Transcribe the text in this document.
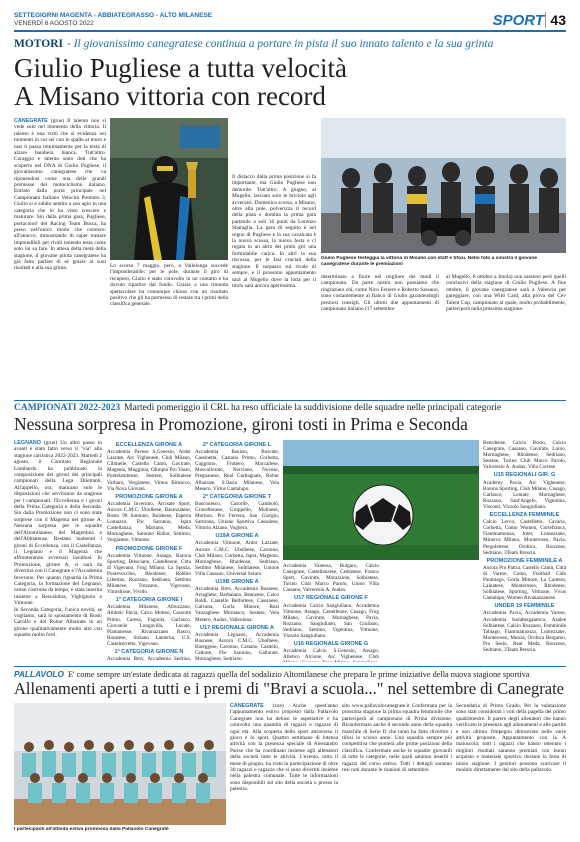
SETTEGIORNI MAGENTA - ABBIATEGRASSO - ALTO MILANESE
VENERDÌ 6 AGOSTO 2022	SPORT 43
MOTORI - Il giovanissimo canegratese continua a portare in pista il suo innato talento e la sua grinta
Giulio Pugliese a tutta velocità
A Misano vittoria con record
CANEGRATE (grue) Il talento non si vede solo nel momento della vittoria. Il talento è una virtù che si evidenza nei momenti in cui sei con le spalle al muro e non ti passa minimamente per la testa di alzare bandiera bianca. Tutt'altro. Coraggio e talento sono doti che ha scoperto nel DNA di Giulio Pugliese, il giovanissimo canegratese che va riponendosi come una delle grandi promesse del motociclismo italiano. Entrato dalla porta principale nel Campionato Italiano Velocità Premoto 3, Giulio si è subito sentito a suo agio in una categoria che lo ha visto crescere e maturare. Sin dalla prima gara, Pugliese, portacolori del Racing Team Busca, ha preso nell'unico modo che conosce: all'attacco, dimostrando di saper trattare imprendibili per rivali tenendo testa come solo lui sa fare. In attesa della metà della stagione, il giovane pilota canegratese ha già fatto parlare di sé grazie ai suoi risultati e alla sua grinta.	Lo scorso 7 maggio, però, a Vallelunga succede l'imponderabile: per le pole, durante il giro di recupero, Giulio è stato coinvolto in un contatto e ha dovuto ripartire dal fondo. Grazie a una rimonta spettacolare ha comunque chiuso con un risultato positivo che gli ha permesso di restare tra i primi della classifica generale.
Il distacco dalla prima posizione si fa importante, ma Giulio Pugliese non demorde. Tutt'altro. A giugno, al Mugello, lasciato solo le briciole agli avversari. Domenica scorsa, a Misano, oltre alla pole, polverizza il record della pista e domina la prima gara partendo a soli 16 punti da Lorenzo Sbaraglia. La gara di seguito è nel segno di Pugliese e la sua cavalcata è la nuova scossa, la nuova festa e ci regala in un altro dei primi giri una formidabile carica. In altri la sua riscossa, per le fasi cruciali della stagione. Il sorpasso sul rivale di sempre, e il prossimo appuntamento sarà al Mugello dove la lotta per il titolo sarà ancora apertissima.
Giulio Pugliese festeggia la vittoria di Misano con staff e tifosi. Nello foto a sinistra il giovane canegratese durante le premiazioni
determinato a finire nel migliore dei modi il campionato. Da parte nostra non possiamo che ringraziare chi, come Nico Ferrere e Roberto Sassano, sono costantemente al fianco di Giulio garantendogli preziosi consigli. Gli ultimi due appuntamenti di campionato italiano (17 settembre
al Mugello, 8 ottobre a Imola) non saranno però quelli conclusivi della stagione di Giulio Pugliese. A fine ottobre, il giovane canegratese sarà a Valencia per gareggiare, con una Wild Card, alla prova del Cev Talent Cup, campionato al quale, molto probabilmente, parteciperà nella prossima stagione.
CAMPIONATI 2022-2023 Martedì pomeriggio il CRL ha reso ufficiale la suddivisione delle squadre nelle principali categorie
Nessuna sorpresa in Promozione, gironi tosti in Prima e Seconda
LEGNANO (grue) Un altro passo in avanti è stato fatto verso il "via" alla stagione calcistica 2022-2023. Martedì 2 agosto, il Comitato Regionale Lombardo ha pubblicato la composizione dei gironi dei principali campionati della Lega Dilettanti. All'appello, ora, mancano solo le disposizioni che serviranno da stagione per i campionati: l'Eccellenza e i gironi della Prima Categoria e della Seconda. Sin dalla Promozione non ci sono state sorprese con il Magenta nel girone A. Nessuna sorpresa per le squadre dell'Altomilanese, del Magentino e dell'Abbiatense. Restano inalterati i gironi di Eccellenza, con il Castellanza, il Legnano e il Magenta che affronteranno avversari insidiosi. In Promozione, girone A, ci sarà da divertirsi con il Canegrate e l'Accademia Inveruno. Per quanto riguarda la Prima Categoria, la formazione del Legnano, ormai costruita da tempo, è stata inserita insieme a Rescaldina, Vighignolo e Vittuone.
In Seconda Categoria, l'unica novità, se vogliamo, sarà lo spostamento di Busto Garolfo e del Robur Albairate in un girone qualitativamente molto alto con squadre molto forti.
ECCELLENZA GIRONE A

Accademia Pavese S.Genesio, Ardor Lazzate, Arc Vighenese, Club Milano, Cilimelle, Castello Cantù, Gavirate, Magenta, Mugginia, Olimpia Pro Vasto, Pontelambrese, Sestese, Solbiatese Varbaro, Vergiatese, Vimus Bimacco, Via Nova Giovani.

PROMOZIONE GIRONE A

Accademia Inveruno, Arcisate Sport, Aurora C.M.C. Ubolbese, Baranzatese, Bosto 98 Saronno, Boisbese, Esperia Lomazzo, Fbc Saronno, Ispra Castellanza, Mariano, Meda, Mornaghese, Saronno Robur, Settimo, Vergiatese, Vittuone.

PROMOZIONE GIRONE F

Accademia Vittuone, Assago, Barona Sporting, Bresciano, Castelleone, Citta di Vigevano, Frog Milano, La Spezia, Pontevecchio, Rhodense, Robbio Libertas, Rozzano, Sedriano, Settimo Milanese, Trezzano, Vigevano, Vimodrone, Vivido.

1ª CATEGORIA GIRONE I

Accademia Milanese, Albuzzano, Athletic Pavia, Calco Motteo, Casorate Primo, Caresa, Fagnola, Garlasco, Giovanile Lungavilla, Locate, Pianianesse, Rivanazzano Basco, Rosatese, Siziano Lanterna, U.S. Castelnovetto, Vigevano.

1ª CATEGORIA GIRONE N

Accademia Bmv, Accademia Sedrina,

2ª CATEGORIA GIRONE L

Accademia Bosisio, Buscate, Cassinetta, Castano Primo, Corbetta, Cuggiono, Fruttero, Marcallese, Moscollorato, Nerviano, Novese, Pregnanese, Real Garbagnate, Robur Albairate, S.Ilario Milanese, Vela Mesero, Virtus Cantalupo.

2ª CATEGORIA GIRONE T

Busconesco, Casorile, Gambolò, Gravellonese, Groppello, Molinese, Mortara, Pro Ferrera, San Giorgio, Sartirana, Unione Sportiva Cassolese, Vittorio Alzano, Voghera.

U19A GIRONE A

Accademia Vittuone, Ardor Lazzate, Aurora C.M.C. Ubolbese, Caronno, Club Milano, Corbetta, Ispra, Magenta, Mornaghese, Rhodense, Sedriano, Settimo Milanese, Solbiatese, Unione Villa Cassano, Universal Solaro.

U19B GIRONE A

Accademia Bmv, Accademia Busnese, Arsaghese, Barbaiana, Beanzese, Calco Boldi, Cantello Belfortese, Cassinese, Galvana, Gorla Minore, Real Vanzaghese Mornasco, Sestese, Vela Mesero, Audax, Valleolona.

U17 REGIONALE GIRONE A

Accademia Legnano, Accademia Busnese, Aurora C.M.C. Ubolbese, Bareggese, Caronno, Castano, Castello, Cedrate, Fbc Saronno, Gallarate, Mornaghese, Sedriano.

Accademia Vanessa, Bulgaro, Calcio Canegrate, Castellanzese, Cedratese, Franco Spert, Gavirate, Morazzone, Solbiatese, Torino Club Marco Parolo, Union Villa Cassano, Valceresio A. Audax.

U17 REGIONALE GIRONE F

Accademia Calcio Sangiuliano, Accademia Vittuone, Assago, Castelleone, Cusago, Frog Milano, Gavirate, Mornaghese, Pavia, Rozzano, Sangiuliano, San Giuliano, Sedriano, Settimo, Vigentina, Vittuone, Vizzolo Sangiuliano.

U16 REGIONALE GIRONE G

Accademia Calcio S.Genesio, Assago, Atletico Alcione, Arc Vighenese, Club

Beurdense, Calcio Bosto, Calcio Canegrate, Cassano, Gavirate, Luino, Mornaghese, Rhodense, Sedriano, Sestese, Torino Club Marco Parolo, Valceresio A. Audax, Villa Cortese.

U15 REGIONALI GIR. G

Academy Pavia, Arc Vighenese, Barona Sporting, Club Milano, Cusago, Garlasco, Lentate Mornaghese, Rozzano, Sant'Angelo, Vigentina, Visconti, Vizzolo Sangiuliano.

ECCELLENZA FEMMINILE

Calcio Lecco, Castelletto, Cavaria, Corbetta, Como Women, Cortefranca, Fiammamonza, Inter, Lumezzane, Minerva Milano, Monterosso, Pavia, Pergolettese, Orobica, Riozzese, Sedriano, 3Team Brescia.

PROMOZIONE FEMMINILE A

Aurora Pro Patria, Castello Cantù, Città di Varese, Como, Football Club Parabiago, Gorla Minore, La Cantera, Lainatese, Monterosso, Rhodense, Solbiatese, Sporting, Vittuone, Vivus Cantalupo, Women Rivanazzanese.

UNDER 19 FEMMINILE

Accademia Pavia, Accademia Varese, Accademia Isolaberganesca, Azalee Solbiatese, Calcio Rozzano, Femminile Tabiago, Fiammamonza, Lumezzane, Monterosso, Monza, Orobica Bergamo, Pro Sesto, Real Meda, Riozzese, Sedriano, 3Team Brescia.

PALLAVOLO E' come sempre un'estate dedicata ai ragazzi quella del sodalizio Altomilanese che prepara le prime iniziative della nuova stagione sportiva
Allenamenti aperti a tutti e i premi di "Bravi a scuola..." nel settembre di Canegrate
I partecipanti all'attività estiva promossa dalla Pallavolo Canegrate
CANEGRATE (zue) Anche quest'anno l'appuntamento estivo proposto dalla Pallavolo Canegrate non ha deluso le aspettative e ha coinvolto una quantità di ragazzi e ragazze di ogni età. Alla scoperta dello sport attraverso il gioco e lo sport. Quattro settimane di intensa attività con la presenza speciale di Alessandro Parise che ha coordinato insieme agli allenatori della società tutte le attività. L'evento, tutto il mese di giugno, ha visto la partecipazione di oltre 30 ragazzi e ragazze che si sono divertiti insieme nella palestra comunale. Tutte le informazioni sono disponibili sul sito della società o presso la palestra.
sito www.pallavolocanegrate.it Confermata per la prossima stagione la prima squadra femminile che parteciperà al campionato di Prima divisione. Riconfermato anche il secondo anno della squadra maschile di Serie D che tanto ha fatto divertire i tifosi lo scorso anno. Una squadra sempre più competitiva che punterà alle prime posizioni della classifica. Confermate anche le squadre giovanili di tutte le categorie, nelle quali saranno inseriti i ragazzi del corso estivo. Tutti i dettagli saranno resi noti durante le riunioni di settembre.
Secondaria di Primo Grado. Per la valutazione sono stati considerati i voti della pagella del primo quadrimestre. Il parere degli allenatori che hanno verificato le presenze agli allenamenti e alle partite e non ultimo l'impegno dimostrato nelle varie attività proposte. Appuntamento con la A maiuscola: tutti i ragazzi che hanno ottenuto i migliori risultati saranno premiati con buoni acquisto e materiale sportivo durante la festa di inizio stagione. I genitori possono scaricare il modulo direttamente dal sito della pallavolo.
